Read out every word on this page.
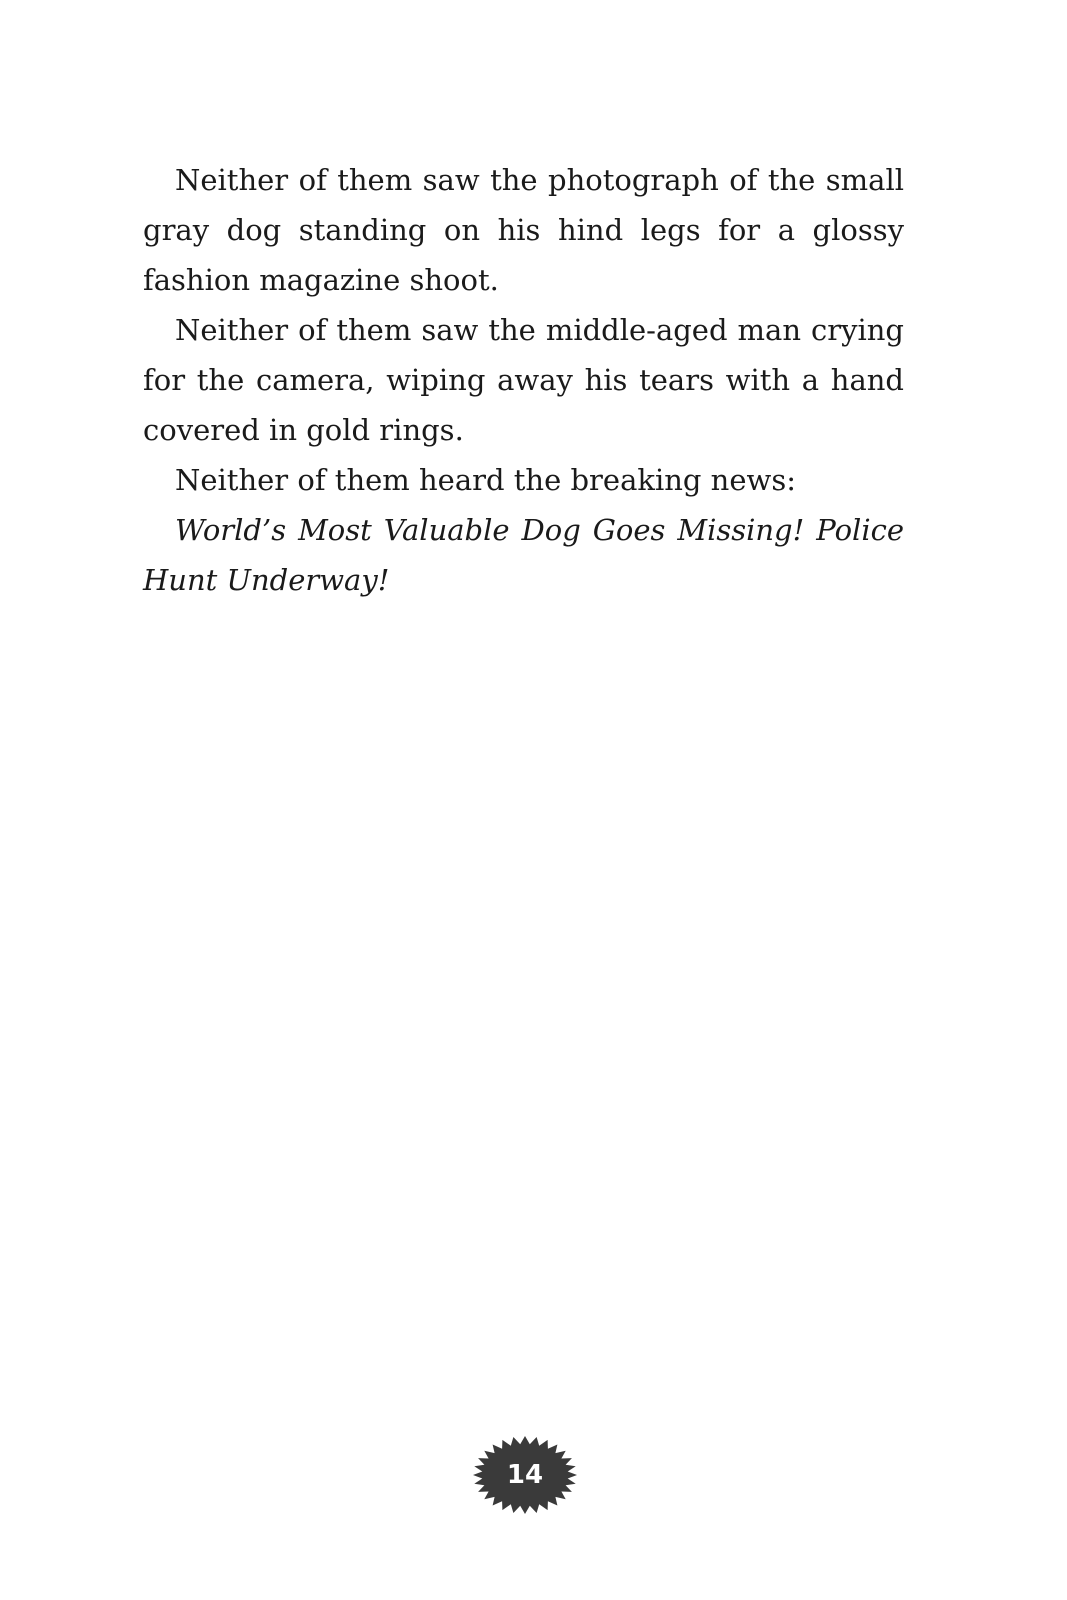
Neither of them saw the photograph of the small gray dog standing on his hind legs for a glossy fashion magazine shoot.

Neither of them saw the middle-aged man crying for the camera, wiping away his tears with a hand covered in gold rings.

Neither of them heard the breaking news:

World’s Most Valuable Dog Goes Missing! Police Hunt Underway!

14
